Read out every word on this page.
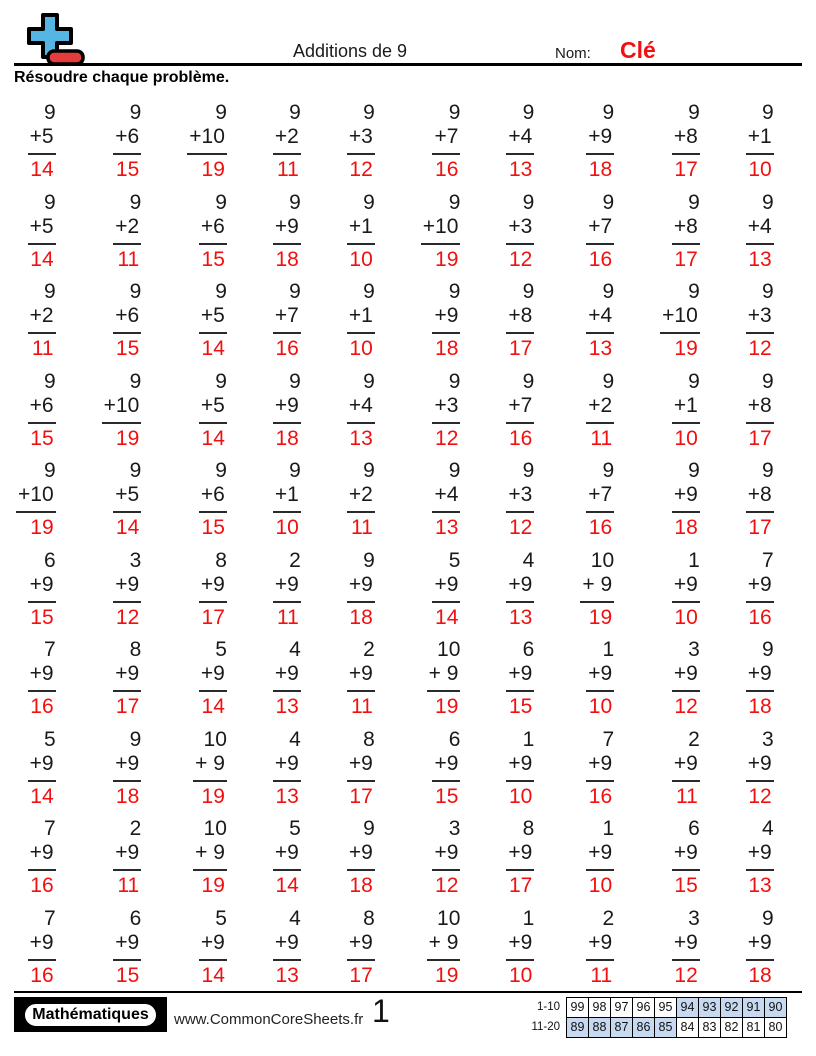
Additions de 9	Nom: Clé
Résoudre chaque problème.
9
+5
14
9
+6
15
9
+10
19
9
+2
11
9
+3
12
9
+7
16
9
+4
13
9
+9
18
9
+8
17
9
+1
10
9
+5
14
9
+2
11
9
+6
15
9
+9
18
9
+1
10
9
+10
19
9
+3
12
9
+7
16
9
+8
17
9
+4
13
9
+2
11
9
+6
15
9
+5
14
9
+7
16
9
+1
10
9
+9
18
9
+8
17
9
+4
13
9
+10
19
9
+3
12
9
+6
15
9
+10
19
9
+5
14
9
+9
18
9
+4
13
9
+3
12
9
+7
16
9
+2
11
9
+1
10
9
+8
17
9
+10
19
9
+5
14
9
+6
15
9
+1
10
9
+2
11
9
+4
13
9
+3
12
9
+7
16
9
+9
18
9
+8
17
6
+9
15
3
+9
12
8
+9
17
2
+9
11
9
+9
18
5
+9
14
4
+9
13
10
+ 9
19
1
+9
10
7
+9
16
7
+9
16
8
+9
17
5
+9
14
4
+9
13
2
+9
11
10
+ 9
19
6
+9
15
1
+9
10
3
+9
12
9
+9
18
5
+9
14
9
+9
18
10
+ 9
19
4
+9
13
8
+9
17
6
+9
15
1
+9
10
7
+9
16
2
+9
11
3
+9
12
7
+9
16
2
+9
11
10
+ 9
19
5
+9
14
9
+9
18
3
+9
12
8
+9
17
1
+9
10
6
+9
15
4
+9
13
7
+9
16
6
+9
15
5
+9
14
4
+9
13
8
+9
17
10
+ 9
19
1
+9
10
2
+9
11
3
+9
12
9
+9
18
Mathématiques	www.CommonCoreSheets.fr 1	1-10 99 98 97 96 95 94 93 92 91 90
11-20 89 88 87 86 85 84 83 82 81 80
